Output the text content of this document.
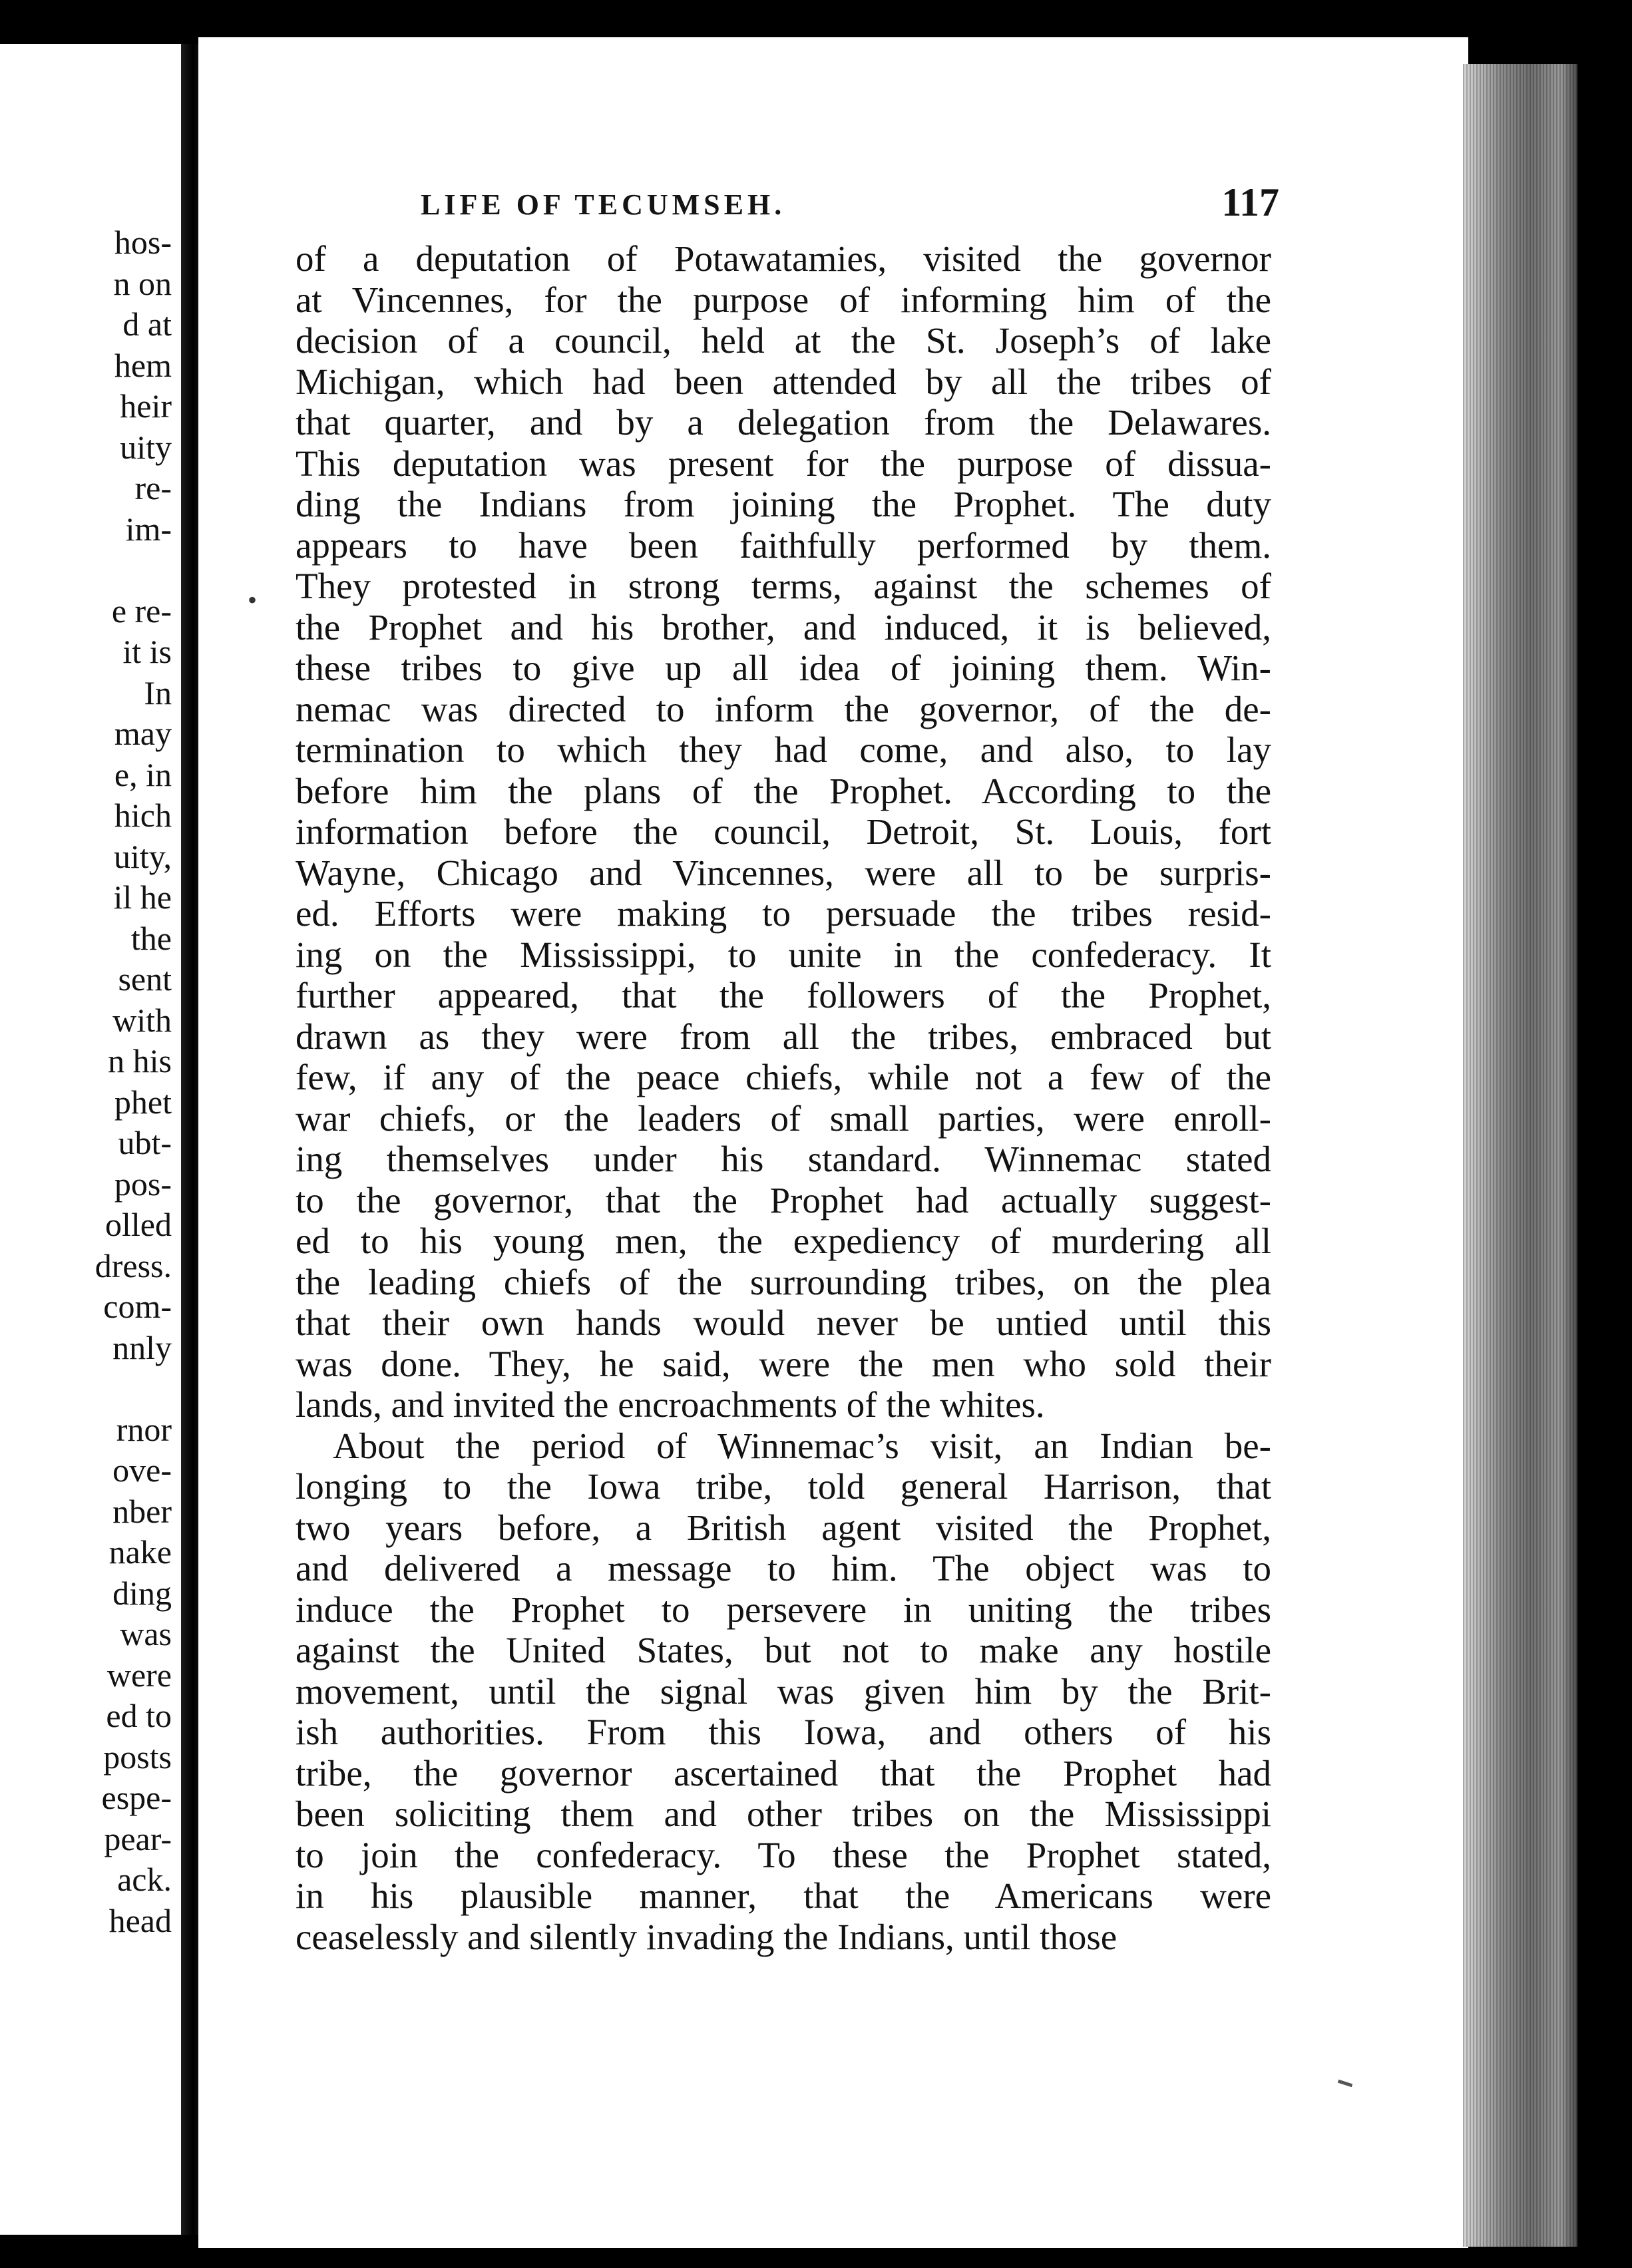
hos-
n on
d at
hem
heir
uity
re-
im-
e re-
it is
In
may
e, in
hich
uity,
il he
the
sent
with
n his
phet
ubt-
pos-
olled
dress.
com-
nnly
rnor
ove-
nber
nake
ding
was
were
ed to
posts
espe-
pear-
ack.
head
LIFE OF TECUMSEH.	117
•
of a deputation of Potawatamies, visited the governor
at Vincennes, for the purpose of informing him of the
decision of a council, held at the St. Joseph’s of lake
Michigan, which had been attended by all the tribes of
that quarter, and by a delegation from the Delawares.
This deputation was present for the purpose of dissua-
ding the Indians from joining the Prophet. The duty
appears to have been faithfully performed by them.
They protested in strong terms, against the schemes of
the Prophet and his brother, and induced, it is believed,
these tribes to give up all idea of joining them. Win-
nemac was directed to inform the governor, of the de-
termination to which they had come, and also, to lay
before him the plans of the Prophet. According to the
information before the council, Detroit, St. Louis, fort
Wayne, Chicago and Vincennes, were all to be surpris-
ed. Efforts were making to persuade the tribes resid-
ing on the Mississippi, to unite in the confederacy. It
further appeared, that the followers of the Prophet,
drawn as they were from all the tribes, embraced but
few, if any of the peace chiefs, while not a few of the
war chiefs, or the leaders of small parties, were enroll-
ing themselves under his standard. Winnemac stated
to the governor, that the Prophet had actually suggest-
ed to his young men, the expediency of murdering all
the leading chiefs of the surrounding tribes, on the plea
that their own hands would never be untied until this
was done. They, he said, were the men who sold their
lands, and invited the encroachments of the whites.
About the period of Winnemac’s visit, an Indian be-
longing to the Iowa tribe, told general Harrison, that
two years before, a British agent visited the Prophet,
and delivered a message to him. The object was to
induce the Prophet to persevere in uniting the tribes
against the United States, but not to make any hostile
movement, until the signal was given him by the Brit-
ish authorities. From this Iowa, and others of his
tribe, the governor ascertained that the Prophet had
been soliciting them and other tribes on the Mississippi
to join the confederacy. To these the Prophet stated,
in his plausible manner, that the Americans were
ceaselessly and silently invading the Indians, until those
